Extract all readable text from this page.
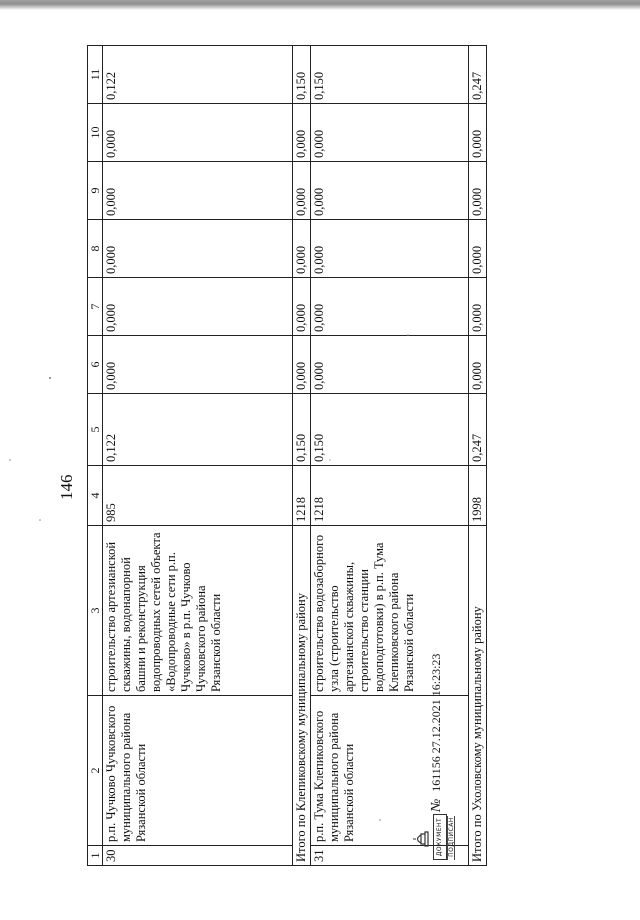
146
1	2	3	4	5	6	7	8	9	10	11
30	р.п. Чучково Чучковского муниципального района Рязанской области	строительство артезианской скважины, водонапорной башни и реконструкция водопроводных сетей объекта «Водопроводные сети р.п. Чучково» в р.п. Чучково Чучковского района Рязанской области	985	0,122	0,000	0,000	0,000	0,000	0,000	0,122
Итого по Клепиковскому муниципальному району			1218	0,150	0,000	0,000	0,000	0,000	0,000	0,150
31	р.п. Тума Клепиковского муниципального района Рязанской области	строительство водозаборного узла (строительство артезианской скважины, строительство станции водоподготовки) в р.п. Тума Клепиковского района Рязанской области	1218	0,150	0,000	0,000	0,000	0,000	0,000	0,150
Итого по Ухоловскому муниципальному району			1998	0,247	0,000	0,000	0,000	0,000	0,000	0,247
ДОКУМЕНТ ПОДПИСАН
№ 161156 27.12.2021 16:23:23
